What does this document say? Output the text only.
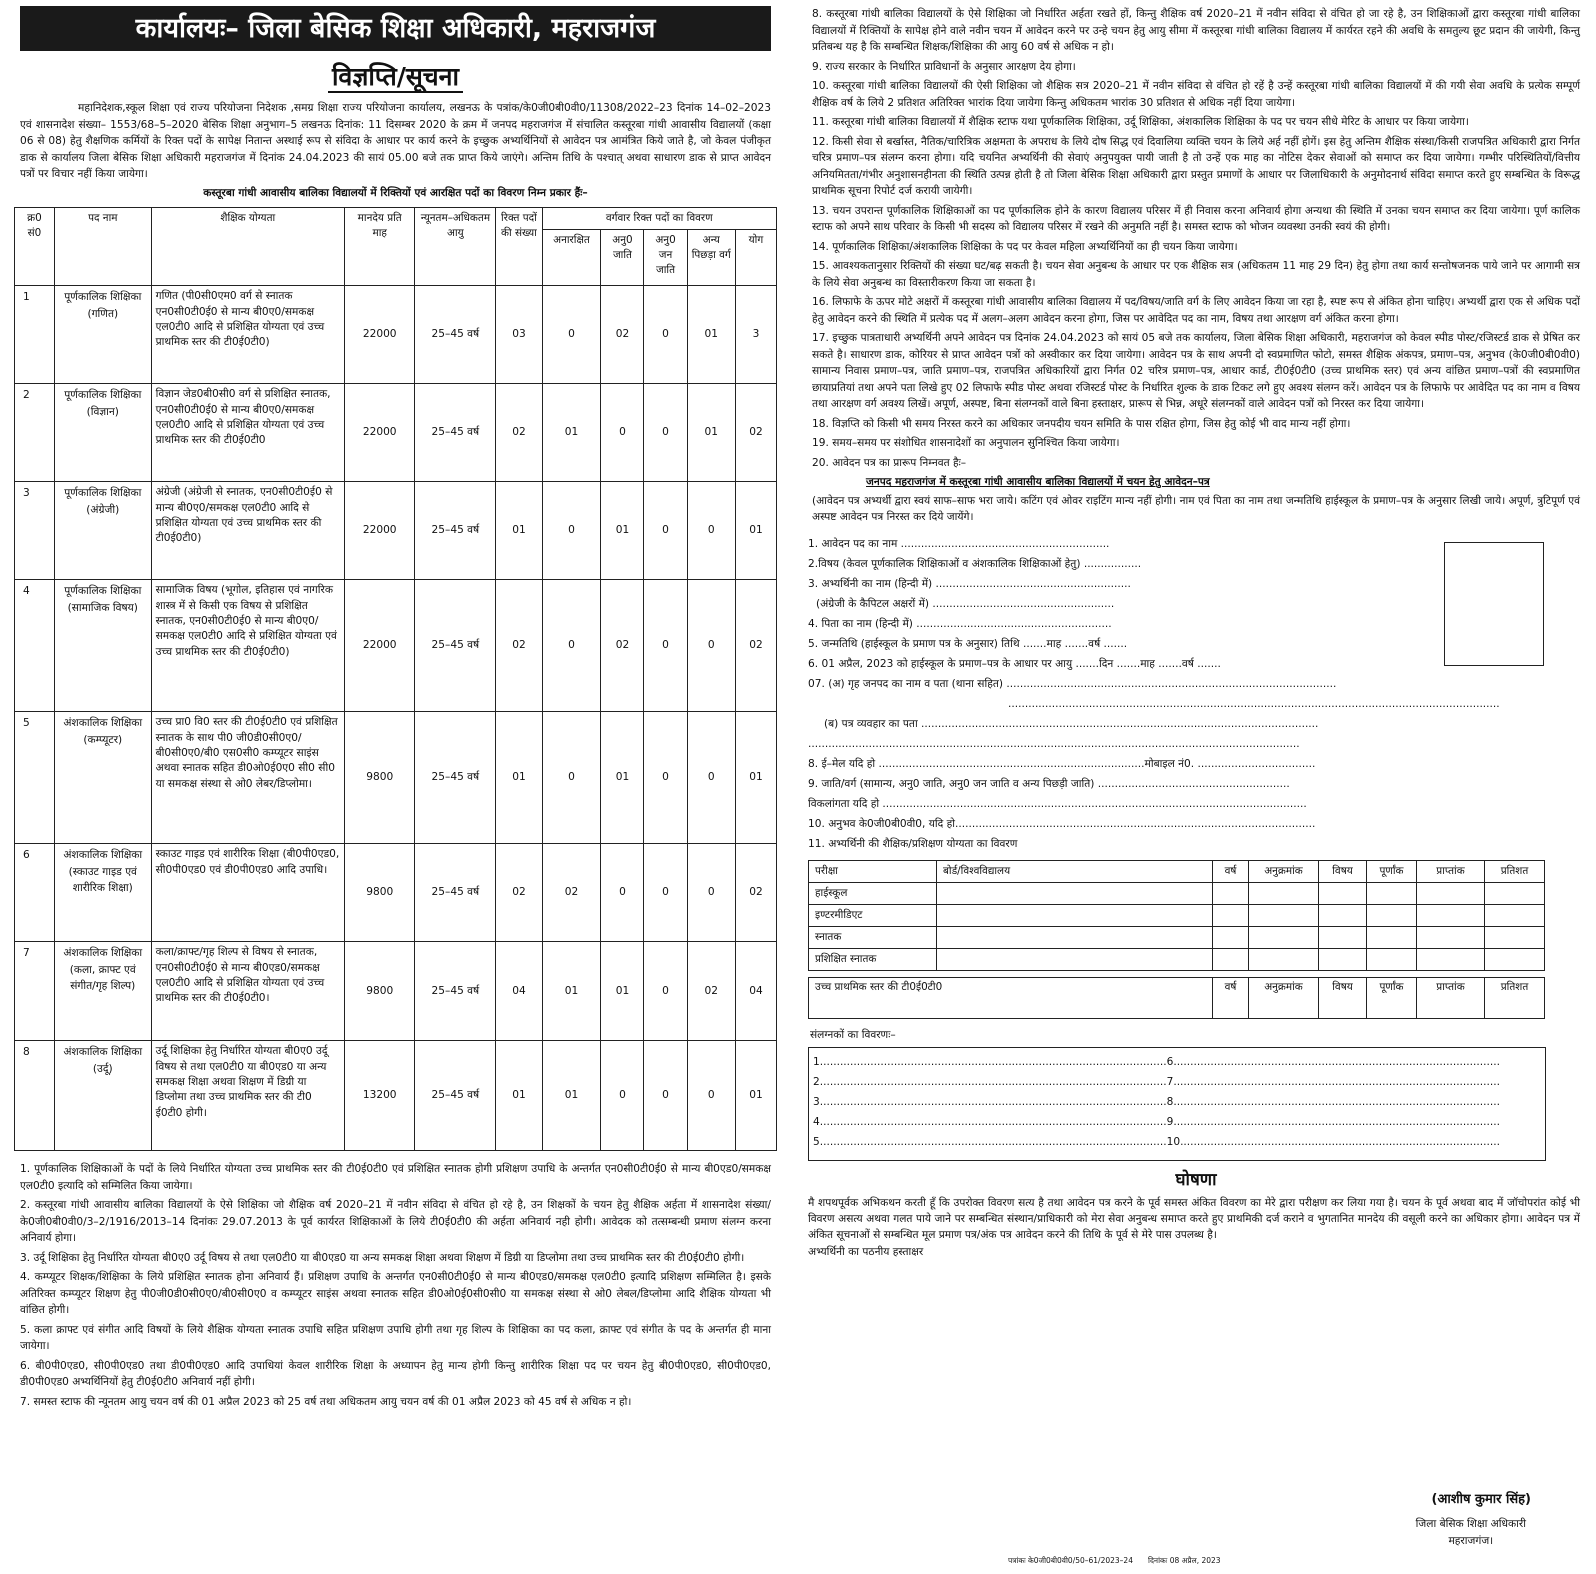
कार्यालयः– जिला बेसिक शिक्षा अधिकारी, महराजगंज
विज्ञप्ति/सूचना

महानिदेशक,स्कूल शिक्षा एवं राज्य परियोजना निदेशक ,समग्र शिक्षा राज्य परियोजना कार्यालय, लखनऊ के पत्रांक/के0जी0बी0वी0/11308/2022–23 दिनांक 14–02–2023 एवं शासनादेश संख्या– 1553/68–5–2020 बेसिक शिक्षा अनुभाग–5 लखनऊ दिनांक: 11 दिसम्बर 2020 के क्रम में जनपद महराजगंज में संचालित कस्तूरबा गांधी आवासीय विद्यालयों (कक्षा 06 से 08) हेतु शैक्षणिक कर्मियों के रिक्त पदों के सापेक्ष नितान्त अस्थाई रूप से संविदा के आधार पर कार्य करने के इच्छुक अभ्यर्थिनियों से आवेदन पत्र आमंत्रित किये जाते है, जो केवल पंजीकृत डाक से कार्यालय जिला बेसिक शिक्षा अधिकारी महराजगंज में दिनांक 24.04.2023 की सायं 05.00 बजे तक प्राप्त किये जाएंगे। अन्तिम तिथि के पश्चात् अथवा साधारण डाक से प्राप्त आवेदन पत्रों पर विचार नहीं किया जायेगा।

कस्तूरबा गांधी आवासीय बालिका विद्यालयों में रिक्तियों एवं आरक्षित पदों का विवरण निम्न प्रकार हैंः–
क्र0 सं0	पद नाम	शैक्षिक योग्यता	मानदेय प्रति माह	न्यूनतम–अधिकतम आयु	रिक्त पदों की संख्या	वर्गवार रिक्त पदों का विवरण				
						अनारक्षित	अनु0 जाति	अनु0 जन जाति	अन्य पिछड़ा वर्ग	योग
1	पूर्णकालिक शिक्षिका (गणित)	गणित (पी0सी0एम0 वर्ग से स्नातक एन0सी0टी0ई0 से मान्य बी0ए0/समकक्ष एल0टी0 आदि से प्रशिक्षित योग्यता एवं उच्च प्राथमिक स्तर की टी0ई0टी0)	22000	25–45 वर्ष	03	0	02	0	01	3
2	पूर्णकालिक शिक्षिका (विज्ञान)	विज्ञान जेड0बी0सी0 वर्ग से प्रशिक्षित स्नातक, एन0सी0टी0ई0 से मान्य बी0ए0/समकक्ष एल0टी0 आदि से प्रशिक्षित योग्यता एवं उच्च प्राथमिक स्तर की टी0ई0टी0	22000	25–45 वर्ष	02	01	0	0	01	02
3	पूर्णकालिक शिक्षिका (अंग्रेजी)	अंग्रेजी (अंग्रेजी से स्नातक, एन0सी0टी0ई0 से मान्य बी0ए0/समकक्ष एल0टी0 आदि से प्रशिक्षित योग्यता एवं उच्च प्राथमिक स्तर की टी0ई0टी0)	22000	25–45 वर्ष	01	0	01	0	0	01
4	पूर्णकालिक शिक्षिका (सामाजिक विषय)	सामाजिक विषय (भूगोल, इतिहास एवं नागरिक शास्त्र में से किसी एक विषय से प्रशिक्षित स्नातक, एन0सी0टी0ई0 से मान्य बी0ए0/समकक्ष एल0टी0 आदि से प्रशिक्षित योग्यता एवं उच्च प्राथमिक स्तर की टी0ई0टी0)	22000	25–45 वर्ष	02	0	02	0	0	02
5	अंशकालिक शिक्षिका (कम्प्यूटर)	उच्च प्रा0 वि0 स्तर की टी0ई0टी0 एवं प्रशिक्षित स्नातक के साथ पी0 जी0डी0सी0ए0/बी0सी0ए0/बी0 एस0सी0 कम्प्यूटर साइंस अथवा स्नातक सहित डी0ओ0ई0ए0 सी0 सी0 या समकक्ष संस्था से ओ0 लेबर/डिप्लोमा।	9800	25–45 वर्ष	01	0	01	0	0	01
6	अंशकालिक शिक्षिका (स्काउट गाइड एवं शारीरिक शिक्षा)	स्काउट गाइड एवं शारीरिक शिक्षा (बी0पी0एड0, सी0पी0एड0 एवं डी0पी0एड0 आदि उपाधि।	9800	25–45 वर्ष	02	02	0	0	0	02
7	अंशकालिक शिक्षिका (कला, क्राफ्ट एवं संगीत/गृह शिल्प)	कला/क्राफ्ट/गृह शिल्प से विषय से स्नातक, एन0सी0टी0ई0 से मान्य बी0एड0/समकक्ष एल0टी0 आदि से प्रशिक्षित योग्यता एवं उच्च प्राथमिक स्तर की टी0ई0टी0।	9800	25–45 वर्ष	04	01	01	0	02	04
8	अंशकालिक शिक्षिका (उर्दू)	उर्दू शिक्षिका हेतु निर्धारित योग्यता बी0ए0 उर्दू विषय से तथा एल0टी0 या बी0एड0 या अन्य समकक्ष शिक्षा अथवा शिक्षण में डिग्री या डिप्लोमा तथा उच्च प्राथमिक स्तर की टी0 ई0टी0 होगी।	13200	25–45 वर्ष	01	01	0	0	0	01

1. पूर्णकालिक शिक्षिकाओं के पदों के लिये निर्धारित योग्यता उच्च प्राथमिक स्तर की टी0ई0टी0 एवं प्रशिक्षित स्नातक होगी प्रशिक्षण उपाधि के अन्तर्गत एन0सी0टी0ई0 से मान्य बी0एड0/समकक्ष एल0टी0 इत्यादि को सम्मिलित किया जायेगा।

2. कस्तूरबा गांधी आवासीय बालिका विद्यालयों के ऐसे शिक्षिका जो शैक्षिक वर्ष 2020–21 में नवीन संविदा से वंचित हो रहे है, उन शिक्षकों के चयन हेतु शैक्षिक अर्हता में शासनादेश संख्या/के0जी0बी0वी0/3–2/1916/2013–14 दिनांकः 29.07.2013 के पूर्व कार्यरत शिक्षिकाओं के लिये टी0ई0टी0 की अर्हता अनिवार्य नही होगी। आवेदक को तत्सम्बन्धी प्रमाण संलग्न करना अनिवार्य होगा।

3. उर्दू शिक्षिका हेतु निर्धारित योग्यता बी0ए0 उर्दू विषय से तथा एल0टी0 या बी0एड0 या अन्य समकक्ष शिक्षा अथवा शिक्षण में डिग्री या डिप्लोमा तथा उच्च प्राथमिक स्तर की टी0ई0टी0 होगी।

4. कम्प्यूटर शिक्षक/शिक्षिका के लिये प्रशिक्षित स्नातक होना अनिवार्य हैं। प्रशिक्षण उपाधि के अन्तर्गत एन0सी0टी0ई0 से मान्य बी0एड0/समकक्ष एल0टी0 इत्यादि प्रशिक्षण सम्मिलित है। इसके अतिरिक्त कम्प्यूटर शिक्षण हेतु पी0जी0डी0सी0ए0/बी0सी0ए0 व कम्प्यूटर साइंस अथवा स्नातक सहित डी0ओ0ई0सी0सी0 या समकक्ष संस्था से ओ0 लेबल/डिप्लोमा आदि शैक्षिक योग्यता भी वांछित होगी।

5. कला क्राफ्ट एवं संगीत आदि विषयों के लिये शैक्षिक योग्यता स्नातक उपाधि सहित प्रशिक्षण उपाधि होगी तथा गृह शिल्प के शिक्षिका का पद कला, क्राफ्ट एवं संगीत के पद के अन्तर्गत ही माना जायेगा।

6. बी0पी0एड0, सी0पी0एड0 तथा डी0पी0एड0 आदि उपाधियां केवल शारीरिक शिक्षा के अध्यापन हेतु मान्य होगी किन्तु शारीरिक शिक्षा पद पर चयन हेतु बी0पी0एड0, सी0पी0एड0, डी0पी0एड0 अभ्यर्थिनियों हेतु टी0ई0टी0 अनिवार्य नहीं होगी।

7. समस्त स्टाफ की न्यूनतम आयु चयन वर्ष की 01 अप्रैल 2023 को 25 वर्ष तथा अधिकतम आयु चयन वर्ष की 01 अप्रैल 2023 को 45 वर्ष से अधिक न हो।

8. कस्तूरबा गांधी बालिका विद्यालयों के ऐसे शिक्षिका जो निर्धारित अर्हता रखते हों, किन्तु शैक्षिक वर्ष 2020–21 में नवीन संविदा से वंचित हो जा रहे है, उन शिक्षिकाओं द्वारा कस्तूरबा गांधी बालिका विद्यालयों में रिक्तियों के सापेक्ष होने वाले नवीन चयन में आवेदन करने पर उन्हे चयन हेतु आयु सीमा में कस्तूरबा गांधी बालिका विद्यालय में कार्यरत रहने की अवधि के समतुल्य छूट प्रदान की जायेगी, किन्तु प्रतिबन्ध यह है कि सम्बन्धित शिक्षक/शिक्षिका की आयु 60 वर्ष से अधिक न हो।

9. राज्य सरकार के निर्धारित प्राविधानों के अनुसार आरक्षण देय होगा।

10. कस्तूरबा गांधी बालिका विद्यालयों की ऐसी शिक्षिका जो शैक्षिक सत्र 2020–21 में नवीन संविदा से वंचित हो रहें है उन्हें कस्तूरबा गांधी बालिका विद्यालयों में की गयी सेवा अवधि के प्रत्येक सम्पूर्ण शैक्षिक वर्ष के लिये 2 प्रतिशत अतिरिक्त भारांक दिया जायेगा किन्तु अधिकतम भारांक 30 प्रतिशत से अधिक नहीं दिया जायेगा।

11. कस्तूरबा गांधी बालिका विद्यालयों में शैक्षिक स्टाफ यथा पूर्णकालिक शिक्षिका, उर्दू शिक्षिका, अंशकालिक शिक्षिका के पद पर चयन सीधे मेरिट के आधार पर किया जायेगा।

12. किसी सेवा से बर्खास्त, नैतिक/चारित्रिक अक्षमता के अपराध के लिये दोष सिद्ध एवं दिवालिया व्यक्ति चयन के लिये अर्ह नहीं होगें। इस हेतु अन्तिम शैक्षिक संस्था/किसी राजपत्रित अधिकारी द्वारा निर्गत चरित्र प्रमाण–पत्र संलग्न करना होगा। यदि चयनित अभ्यर्थिनी की सेवाएं अनुपयुक्त पायी जाती है तो उन्हें एक माह का नोटिस देकर सेवाओं को समाप्त कर दिया जायेगा। गम्भीर परिस्थितियों/वित्तीय अनियमितता/गंभीर अनुशासनहीनता की स्थिति उत्पन्न होती है तो जिला बेसिक शिक्षा अधिकारी द्वारा प्रस्तुत प्रमाणों के आधार पर जिलाधिकारी के अनुमोदनार्थ संविदा समाप्त करते हुए सम्बन्धित के विरूद्ध प्राथमिक सूचना रिपोर्ट दर्ज करायी जायेगी।

13. चयन उपरान्त पूर्णकालिक शिक्षिकाओं का पद पूर्णकालिक होने के कारण विद्यालय परिसर में ही निवास करना अनिवार्य होगा अन्यथा की स्थिति में उनका चयन समाप्त कर दिया जायेगा। पूर्ण कालिक स्टाफ को अपने साथ परिवार के किसी भी सदस्य को विद्यालय परिसर में रखने की अनुमति नहीं है। समस्त स्टाफ को भोजन व्यवस्था उनकी स्वयं की होगी।

14. पूर्णकालिक शिक्षिका/अंशकालिक शिक्षिका के पद पर केवल महिला अभ्यर्थिनियों का ही चयन किया जायेगा।

15. आवश्यकतानुसार रिक्तियों की संख्या घट/बढ़ सकती है। चयन सेवा अनुबन्ध के आधार पर एक शैक्षिक सत्र (अधिकतम 11 माह 29 दिन) हेतु होगा तथा कार्य सन्तोषजनक पाये जाने पर आगामी सत्र के लिये सेवा अनुबन्ध का विस्तारीकरण किया जा सकता है।

16. लिफाफे के ऊपर मोटे अक्षरों में कस्तूरबा गांधी आवासीय बालिका विद्यालय में पद/विषय/जाति वर्ग के लिए आवेदन किया जा रहा है, स्पष्ट रूप से अंकित होना चाहिए। अभ्यर्थी द्वारा एक से अधिक पदों हेतु आवेदन करने की स्थिति में प्रत्येक पद में अलग–अलग आवेदन करना होगा, जिस पर आवेदित पद का नाम, विषय तथा आरक्षण वर्ग अंकित करना होगा।

17. इच्छुक पात्रताधारी अभ्यर्थिनी अपने आवेदन पत्र दिनांक 24.04.2023 को सायं 05 बजे तक कार्यालय, जिला बेसिक शिक्षा अधिकारी, महराजगंज को केवल स्पीड पोस्ट/रजिस्टर्ड डाक से प्रेषित कर सकते है। साधारण डाक, कोरियर से प्राप्त आवेदन पत्रों को अस्वीकार कर दिया जायेगा। आवेदन पत्र के साथ अपनी दो स्वप्रमाणित फोटो, समस्त शैक्षिक अंकपत्र, प्रमाण–पत्र, अनुभव (के0जी0बी0वी0) सामान्य निवास प्रमाण–पत्र, जाति प्रमाण–पत्र, राजपत्रित अधिकारियों द्वारा निर्गत 02 चरित्र प्रमाण–पत्र, आधार कार्ड, टी0ई0टी0 (उच्च प्राथमिक स्तर) एवं अन्य वांछित प्रमाण–पत्रों की स्वप्रमाणित छायाप्रतियां तथा अपने पता लिखे हुए 02 लिफाफे स्पीड पोस्ट अथवा रजिस्टर्ड पोस्ट के निर्धारित शुल्क के डाक टिकट लगे हुए अवश्य संलग्न करें। आवेदन पत्र के लिफाफे पर आवेदित पद का नाम व विषय तथा आरक्षण वर्ग अवश्य लिखें। अपूर्ण, अस्पष्ट, बिना संलग्नकों वाले बिना हस्ताक्षर, प्रारूप से भिन्न, अधूरे संलग्नकों वाले आवेदन पत्रों को निरस्त कर दिया जायेगा।

18. विज्ञप्ति को किसी भी समय निरस्त करने का अधिकार जनपदीय चयन समिति के पास रक्षित होगा, जिस हेतु कोई भी वाद मान्य नहीं होगा।

19. समय–समय पर संशोधित शासनादेशों का अनुपालन सुनिश्चित किया जायेगा।

20. आवेदन पत्र का प्रारूप निम्नवत हैः–

जनपद महराजगंज में कस्तूरबा गांधी आवासीय बालिका विद्यालयों में चयन हेतु आवेदन–पत्र
(आवेदन पत्र अभ्यर्थी द्वारा स्वयं साफ–साफ भरा जाये। कटिंग एवं ओवर राइटिंग मान्य नहीं होगी। नाम एवं पिता का नाम तथा जन्मतिथि हाईस्कूल के प्रमाण–पत्र के अनुसार लिखी जाये। अपूर्ण, त्रुटिपूर्ण एवं अस्पष्ट आवेदन पत्र निरस्त कर दिये जायेंगे।
1. आवेदन पद का नाम ..............................................................
2.विषय (केवल पूर्णकालिक शिक्षिकाओं व अंशकालिक शिक्षिकाओं हेतु) .................
3. अभ्यर्थिनी का नाम (हिन्दी में) ..........................................................
(अंग्रेजी के कैपिटल अक्षरों में) ......................................................
4. पिता का नाम (हिन्दी में) ..........................................................
5. जन्मतिथि (हाईस्कूल के प्रमाण पत्र के अनुसार) तिथि .......माह .......वर्ष .......
6. 01 अप्रैल, 2023 को हाईस्कूल के प्रमाण–पत्र के आधार पर आयु .......दिन .......माह .......वर्ष .......
07. (अ) गृह जनपद का नाम व पता (थाना सहित) ..................................................................................................
..................................................................................................................................................
(ब) पत्र व्यवहार का पता ......................................................................................................................
..................................................................................................................................................
8. ई–मेल यदि हो ...............................................................................मोबाइल नं0. ...................................
9. जाति/वर्ग (सामान्य, अनु0 जाति, अनु0 जन जाति व अन्य पिछड़ी जाति) .........................................................
विकलांगता यदि हो ..............................................................................................................................
10. अनुभव के0जी0बी0वी0, यदि हो...........................................................................................................
11. अभ्यर्थिनी की शैक्षिक/प्रशिक्षण योग्यता का विवरण
परीक्षा	बोर्ड/विश्वविद्यालय	वर्ष	अनुक्रमांक	विषय	पूर्णांक	प्राप्तांक	प्रतिशत
हाईस्कूल							
इण्टरमीडिएट							
स्नातक							
प्रशिक्षित स्नातक							
उच्च प्राथमिक स्तर की टी0ई0टी0	वर्ष	अनुक्रमांक	विषय	पूर्णांक	प्राप्तांक	प्रतिशत
संलग्नकों का विवरणः–
1.......................................................................................................6.................................................................................................
2.......................................................................................................7.................................................................................................
3.......................................................................................................8.................................................................................................
4.......................................................................................................9.................................................................................................
5.......................................................................................................10...............................................................................................
घोषणा
मै शपथपूर्वक अभिकथन करती हूँ कि उपरोक्त विवरण सत्य है तथा आवेदन पत्र करने के पूर्व समस्त अंकित विवरण का मेरे द्वारा परीक्षण कर लिया गया है। चयन के पूर्व अथवा बाद में जॉचोपरांत कोई भी विवरण असत्य अथवा गलत पाये जाने पर सम्बन्धित संस्थान/प्राधिकारी को मेरा सेवा अनुबन्ध समाप्त करते हुए प्राथमिकी दर्ज कराने व भुगतानित मानदेय की वसूली करने का अधिकार होगा। आवेदन पत्र में अंकित सूचनाओं से सम्बन्धित मूल प्रमाण पत्र/अंक पत्र आवेदन करने की तिथि के पूर्व से मेरे पास उपलब्ध है।
अभ्यर्थिनी का पठनीय हस्ताक्षर
(आशीष कुमार सिंह)
जिला बेसिक शिक्षा अधिकारी
महराजगंज।
पत्रांकः के0जी0बी0वी0/50–61/2023–24 दिनांकः 08 अप्रैल, 2023
